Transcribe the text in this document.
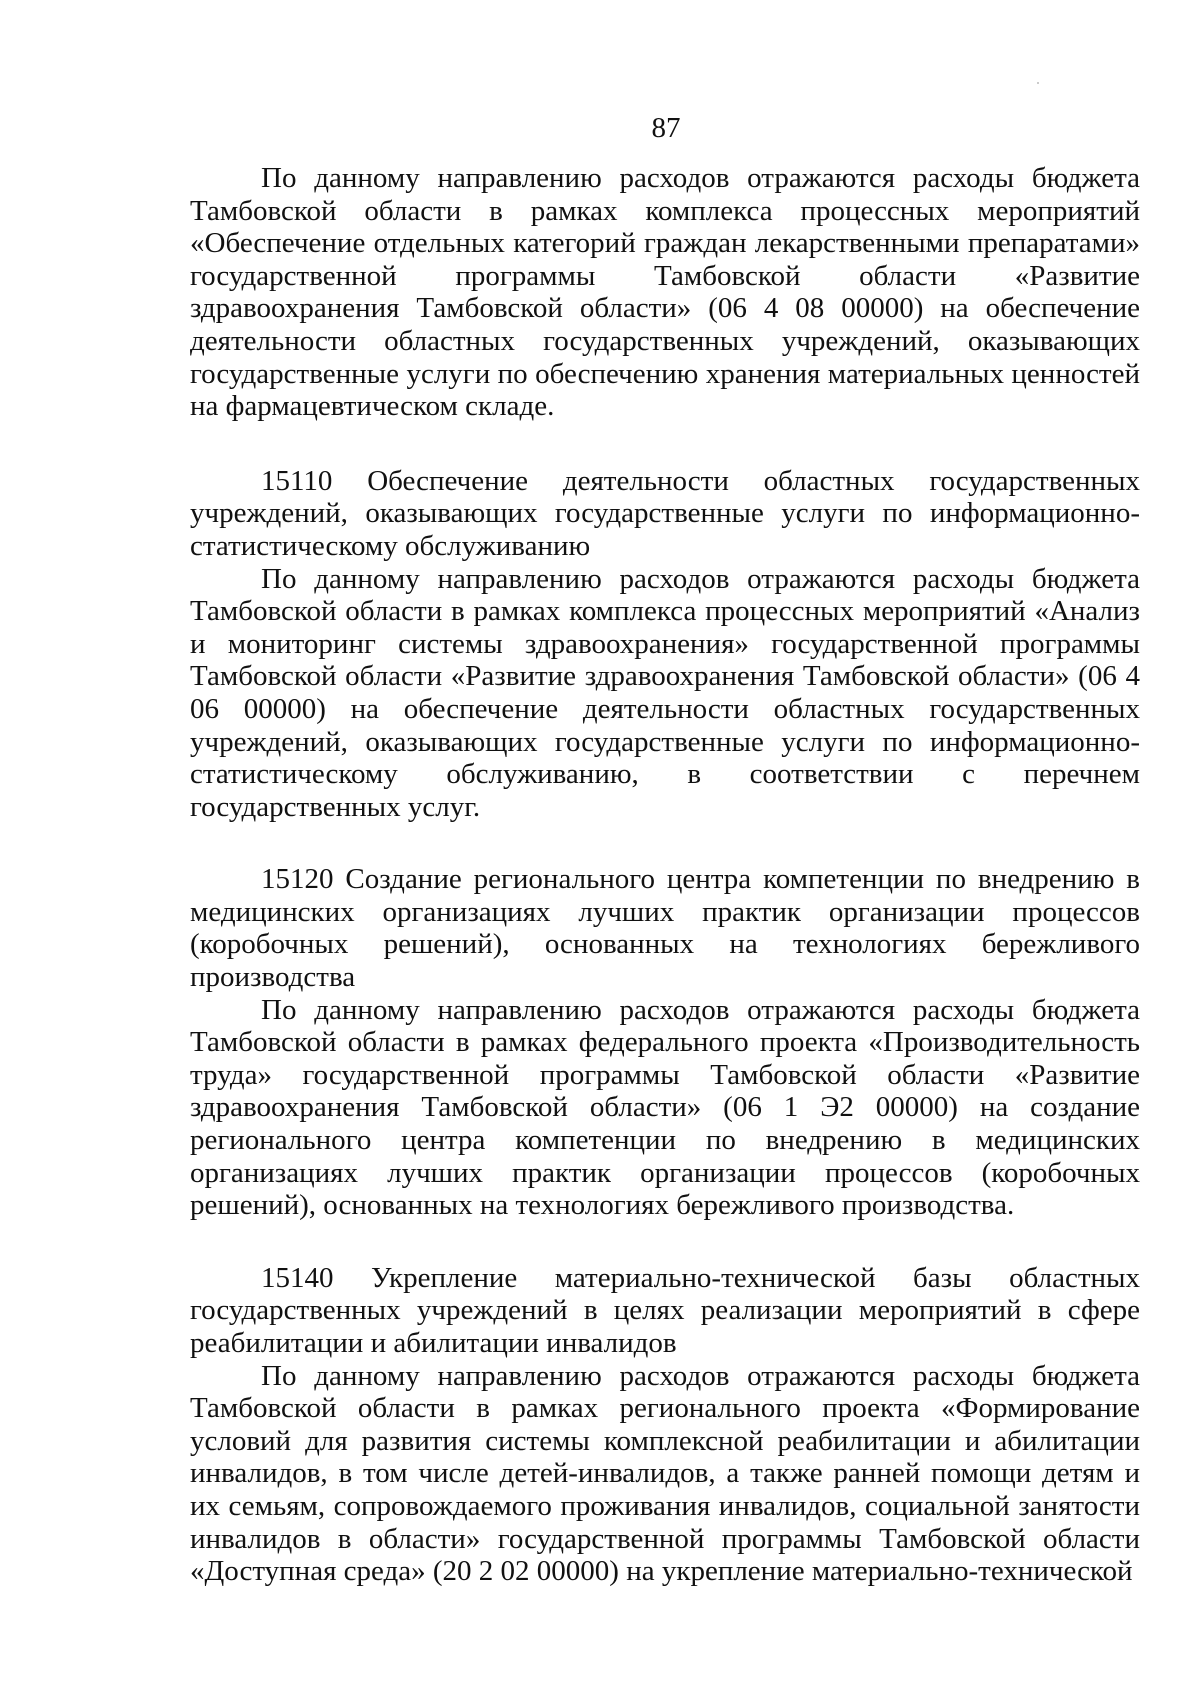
87

По данному направлению расходов отражаются расходы бюджета Тамбовской области в рамках комплекса процессных мероприятий «Обеспечение отдельных категорий граждан лекарственными препаратами» государственной программы Тамбовской области «Развитие здравоохранения Тамбовской области» (06 4 08 00000) на обеспечение деятельности областных государственных учреждений, оказывающих государственные услуги по обеспечению хранения материальных ценностей на фармацевтическом складе.

15110 Обеспечение деятельности областных государственных учреждений, оказывающих государственные услуги по информационно-статистическому обслуживанию

По данному направлению расходов отражаются расходы бюджета Тамбовской области в рамках комплекса процессных мероприятий «Анализ и мониторинг системы здравоохранения» государственной программы Тамбовской области «Развитие здравоохранения Тамбовской области» (06 4 06 00000) на обеспечение деятельности областных государственных учреждений, оказывающих государственные услуги по информационно-статистическому обслуживанию, в соответствии с перечнем государственных услуг.

15120 Создание регионального центра компетенции по внедрению в медицинских организациях лучших практик организации процессов (коробочных решений), основанных на технологиях бережливого производства

По данному направлению расходов отражаются расходы бюджета Тамбовской области в рамках федерального проекта «Производительность труда» государственной программы Тамбовской области «Развитие здравоохранения Тамбовской области» (06 1 Э2 00000) на создание регионального центра компетенции по внедрению в медицинских организациях лучших практик организации процессов (коробочных решений), основанных на технологиях бережливого производства.

15140 Укрепление материально-технической базы областных государственных учреждений в целях реализации мероприятий в сфере реабилитации и абилитации инвалидов

По данному направлению расходов отражаются расходы бюджета Тамбовской области в рамках регионального проекта «Формирование условий для развития системы комплексной реабилитации и абилитации инвалидов, в том числе детей-инвалидов, а также ранней помощи детям и их семьям, сопровождаемого проживания инвалидов, социальной занятости инвалидов в области» государственной программы Тамбовской области «Доступная среда» (20 2 02 00000) на укрепление материально-технической
